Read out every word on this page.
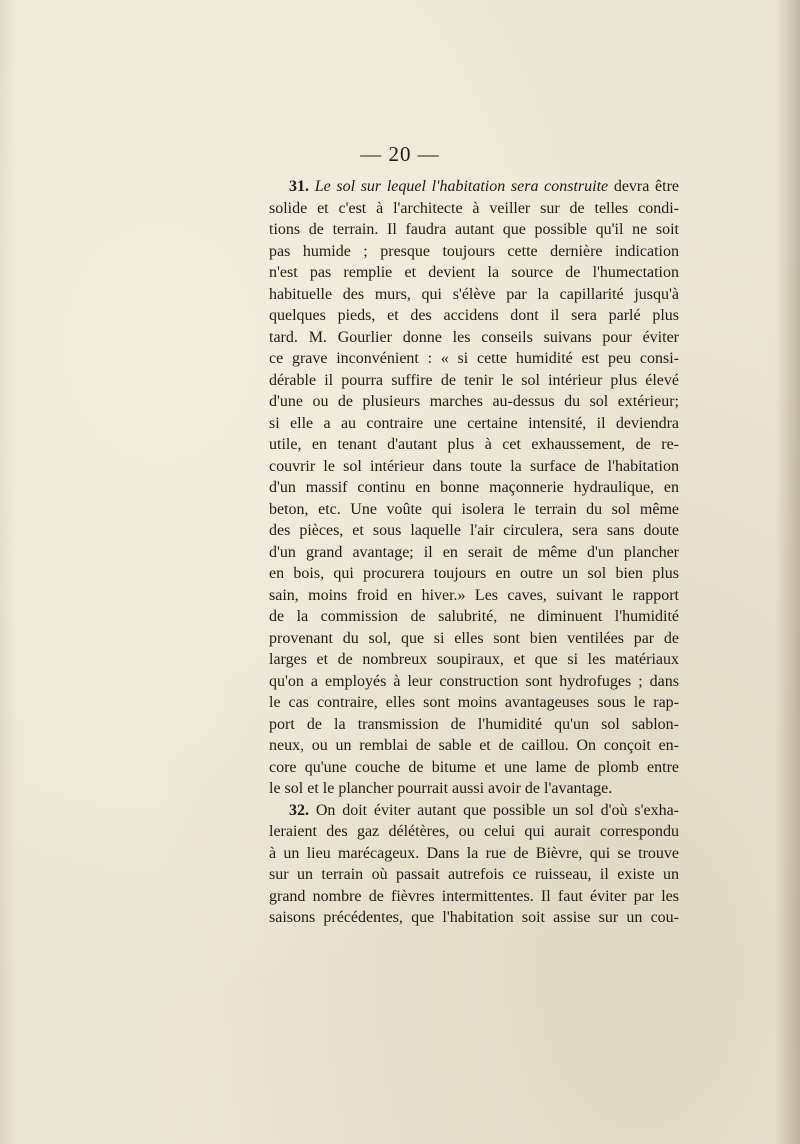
— 20 —
31. Le sol sur lequel l'habitation sera construite devra être
solide et c'est à l'architecte à veiller sur de telles condi-
tions de terrain. Il faudra autant que possible qu'il ne soit
pas humide ; presque toujours cette dernière indication
n'est pas remplie et devient la source de l'humectation
habituelle des murs, qui s'élève par la capillarité jusqu'à
quelques pieds, et des accidens dont il sera parlé plus
tard. M. Gourlier donne les conseils suivans pour éviter
ce grave inconvénient : « si cette humidité est peu consi-
dérable il pourra suffire de tenir le sol intérieur plus élevé
d'une ou de plusieurs marches au-dessus du sol extérieur;
si elle a au contraire une certaine intensité, il deviendra
utile, en tenant d'autant plus à cet exhaussement, de re-
couvrir le sol intérieur dans toute la surface de l'habitation
d'un massif continu en bonne maçonnerie hydraulique, en
beton, etc. Une voûte qui isolera le terrain du sol même
des pièces, et sous laquelle l'air circulera, sera sans doute
d'un grand avantage; il en serait de même d'un plancher
en bois, qui procurera toujours en outre un sol bien plus
sain, moins froid en hiver.» Les caves, suivant le rapport
de la commission de salubrité, ne diminuent l'humidité
provenant du sol, que si elles sont bien ventilées par de
larges et de nombreux soupiraux, et que si les matériaux
qu'on a employés à leur construction sont hydrofuges ; dans
le cas contraire, elles sont moins avantageuses sous le rap-
port de la transmission de l'humidité qu'un sol sablon-
neux, ou un remblai de sable et de caillou. On conçoit en-
core qu'une couche de bitume et une lame de plomb entre
le sol et le plancher pourrait aussi avoir de l'avantage.
32. On doit éviter autant que possible un sol d'où s'exha-
leraient des gaz délétères, ou celui qui aurait correspondu
à un lieu marécageux. Dans la rue de Bièvre, qui se trouve
sur un terrain où passait autrefois ce ruisseau, il existe un
grand nombre de fièvres intermittentes. Il faut éviter par les
saisons précédentes, que l'habitation soit assise sur un cou-
